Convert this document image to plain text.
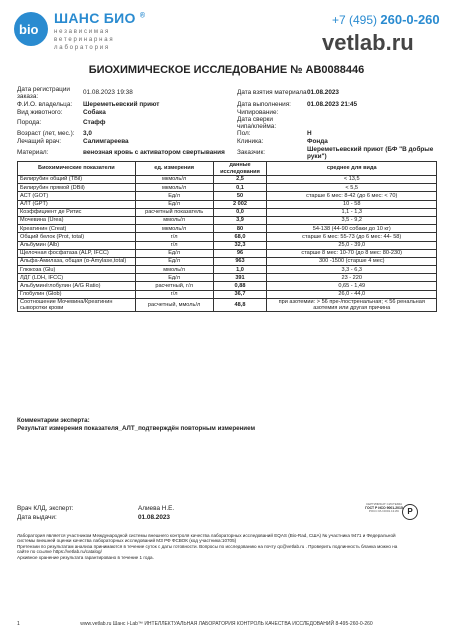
bio
ШАНС БИО ®
независимая
ветеринарная
лаборатория
+7 (495) 260-0-260
vetlab.ru
БИОХИМИЧЕСКОЕ ИССЛЕДОВАНИЕ № AB0088446
Дата регистрации заказа:
01.08.2023 19:38
Ф.И.О. владельца: Шереметьевский приют
Вид животного:	Собака
Порода:	Стафф
Возраст (лет, мес.): 3,0
Лечащий врач:	Салимгареева
Материал:	венозная кровь с активатором свертывания
Дата взятия материала 01.08.2023
Дата выполнения:	01.08.2023 21:45
Чипирование:
Дата сверки чипа/клейма:
Пол:	Н
Клиника:	Фонда
Заказчик:	Шереметьевский приют (БФ "В добрые руки")
Биохимические показатели	ед. измерения	данные исследования	среднее для вида
Билирубин общий (TBil)	мкмоль/л	2,5	< 13,5
Билирубин прямой (DBil)	мкмоль/л	0,1	< 5,5
АСТ (GOT)	Ед/л	50	старше 6 мес: 8-42 (до 6 мес: < 70)
АЛТ (GPT)	Ед/л	2 002	10 - 58
Коэффициент де Ритис	расчетный показатель	0,0	1,1 - 1,3
Мочевина (Urea)	ммоль/л	3,9	3,5 - 9,2
Креатинин (Creat)	мкмоль/л	80	54-138 (44-90 собаки до 10 кг)
Общий белок (Prot, total)	г/л	68,0	старше 6 мес: 55-73 (до 6 мес: 44- 58)
Альбумин (Alb)	г/л	32,3	25,0 - 39,0
Щелочная фосфатаза (ALP, IFCC)	Ед/л	96	старше 8 мес: 10-70 (до 8 мес: 80-230)
Альфа-Амилаза, общая (α-Amylase,total)	Ед/л	963	300 -1500 (старше 4 мес)
Глюкоза (Glu)	ммоль/л	1,0	3,3 - 6,3
ЛДГ (LDH, IFCC)	Ед/л	391	23 - 220
Альбумин/глобулин (A/G Ratio)	расчетный, г/л	0,88	0,65 - 1,49
Глобулин (Glob)	г/л	36,7	26,0 - 44,0
Соотношение Мочевина/Креатинин сыворотки крови	расчетный, ммоль/л	48,8	при азотемии: > 56 пре-/постренальная; < 56 ренальная азотемия или другая причина
Комментарии эксперта:
Результат измерения показателя_АЛТ_подтверждён повторным измерением
Врач КЛД, эксперт:	Алиева Н.Е.
Дата выдачи:	01.08.2023
СЕРТИФИКАТ СИСТЕМЫ
ГОСТ Р ИСО 9001-2015
РОСС RU.0001.13.ИК	Р
Лаборатория является участником Международной системы внешнего контроля качества лабораторных исследований EQAS (Bio-Rad, США) № участника 9471 и Федеральной
системы внешней оценки качества лабораторных исследований МЗ РФ ФСВОК (код участника:10705)
Претензии по результатам анализа принимаются в течение суток с даты готовности. Вопросы по исследованию на почту qc@vetlab.ru . Проверить подлинность бланка можно на
сайте по ссылке https://vetlab.ru/catalog/
Архивное хранение результата гарантировано в течение 1 года.
www.vetlab.ru Шанс i-Lab™ ИНТЕЛЛЕКТУАЛЬНАЯ ЛАБОРАТОРИЯ КОНТРОЛЬ КАЧЕСТВА ИССЛЕДОВАНИЙ 8-495-260-0-260
1
